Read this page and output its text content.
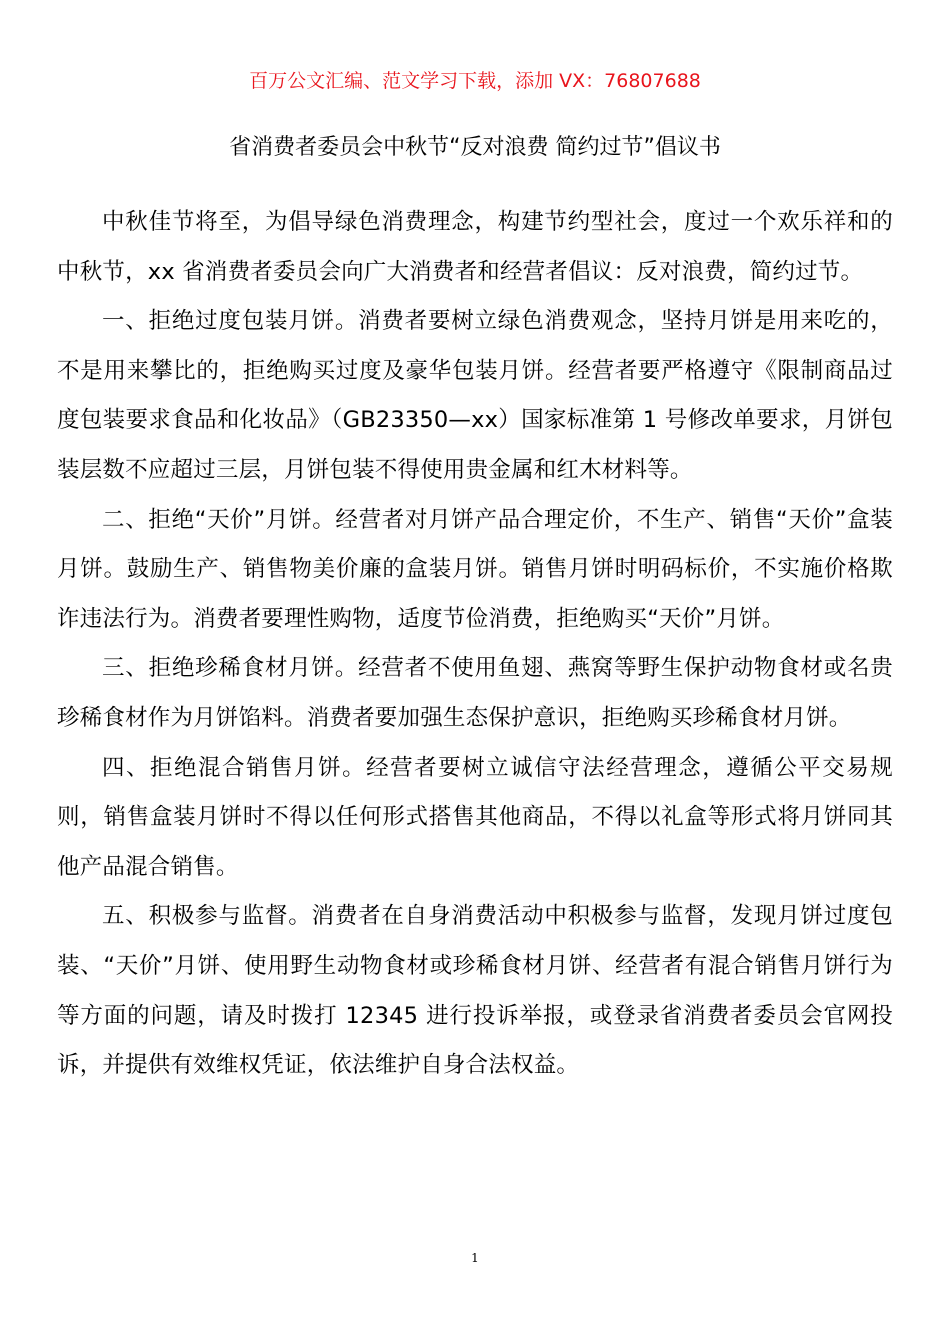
百万公文汇编、范文学习下载，添加 VX：76807688
省消费者委员会中秋节“反对浪费 简约过节”倡议书

中秋佳节将至，为倡导绿色消费理念，构建节约型社会，度过一个欢乐祥和的中秋节，xx 省消费者委员会向广大消费者和经营者倡议：反对浪费，简约过节。

一、拒绝过度包装月饼。消费者要树立绿色消费观念，坚持月饼是用来吃的，不是用来攀比的，拒绝购买过度及豪华包装月饼。经营者要严格遵守《限制商品过度包装要求食品和化妆品》（GB23350—xx）国家标准第 1 号修改单要求，月饼包装层数不应超过三层，月饼包装不得使用贵金属和红木材料等。

二、拒绝“天价”月饼。经营者对月饼产品合理定价，不生产、销售“天价”盒装月饼。鼓励生产、销售物美价廉的盒装月饼。销售月饼时明码标价，不实施价格欺诈违法行为。消费者要理性购物，适度节俭消费，拒绝购买“天价”月饼。

三、拒绝珍稀食材月饼。经营者不使用鱼翅、燕窝等野生保护动物食材或名贵珍稀食材作为月饼馅料。消费者要加强生态保护意识，拒绝购买珍稀食材月饼。

四、拒绝混合销售月饼。经营者要树立诚信守法经营理念，遵循公平交易规则，销售盒装月饼时不得以任何形式搭售其他商品，不得以礼盒等形式将月饼同其他产品混合销售。

五、积极参与监督。消费者在自身消费活动中积极参与监督，发现月饼过度包装、“天价”月饼、使用野生动物食材或珍稀食材月饼、经营者有混合销售月饼行为等方面的问题，请及时拨打 12345 进行投诉举报，或登录省消费者委员会官网投诉，并提供有效维权凭证，依法维护自身合法权益。

1
